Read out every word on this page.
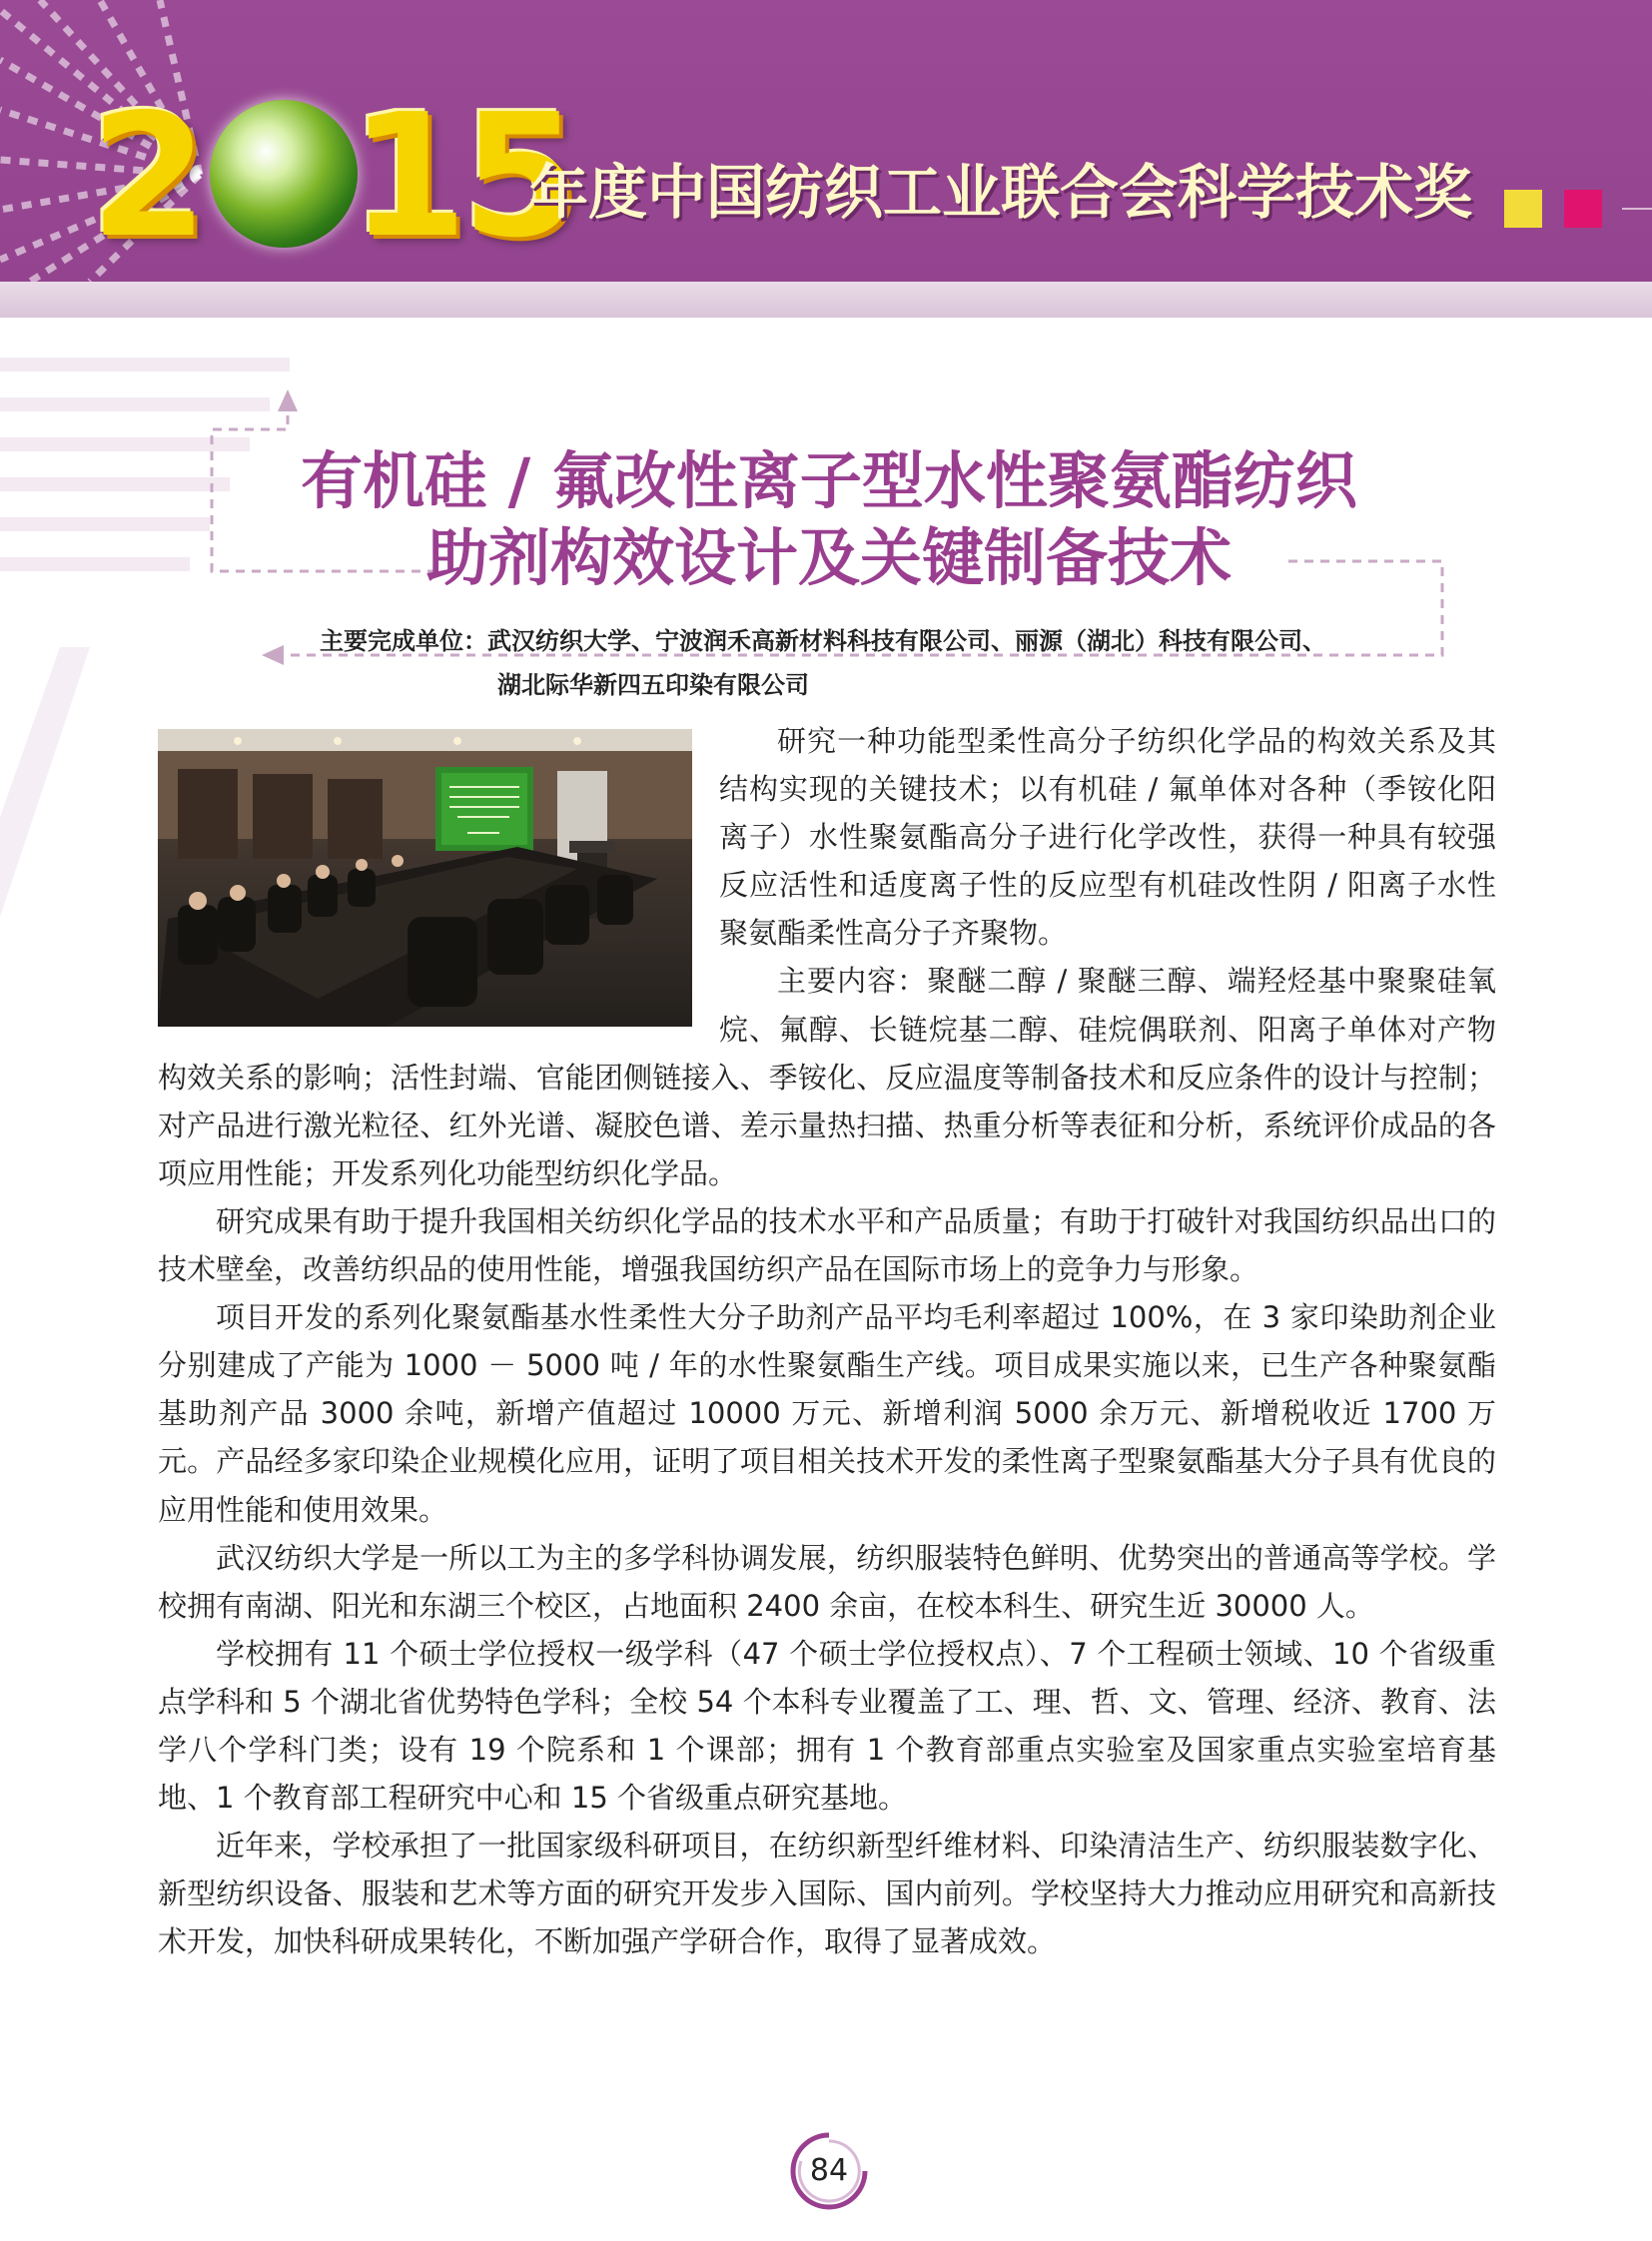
2 15
年度中国纺织工业联合会科学技术奖
有机硅 / 氟改性离子型水性聚氨酯纺织
助剂构效设计及关键制备技术
主要完成单位：武汉纺织大学、宁波润禾高新材料科技有限公司、丽源（湖北）科技有限公司、
湖北际华新四五印染有限公司

研究一种功能型柔性高分子纺织化学品的构效关系及其结构实现的关键技术；以有机硅 / 氟单体对各种（季铵化阳离子）水性聚氨酯高分子进行化学改性，获得一种具有较强反应活性和适度离子性的反应型有机硅改性阴 / 阳离子水性聚氨酯柔性高分子齐聚物。

主要内容：聚醚二醇 / 聚醚三醇、端羟烃基中聚聚硅氧烷、氟醇、长链烷基二醇、硅烷偶联剂、阳离子单体对产物构效关系的影响；活性封端、官能团侧链接入、季铵化、反应温度等制备技术和反应条件的设计与控制；对产品进行激光粒径、红外光谱、凝胶色谱、差示量热扫描、热重分析等表征和分析，系统评价成品的各项应用性能；开发系列化功能型纺织化学品。

研究成果有助于提升我国相关纺织化学品的技术水平和产品质量；有助于打破针对我国纺织品出口的技术壁垒，改善纺织品的使用性能，增强我国纺织产品在国际市场上的竞争力与形象。

项目开发的系列化聚氨酯基水性柔性大分子助剂产品平均毛利率超过 100%，在 3 家印染助剂企业分别建成了产能为 1000 － 5000 吨 / 年的水性聚氨酯生产线。项目成果实施以来，已生产各种聚氨酯基助剂产品 3000 余吨，新增产值超过 10000 万元、新增利润 5000 余万元、新增税收近 1700 万元。产品经多家印染企业规模化应用，证明了项目相关技术开发的柔性离子型聚氨酯基大分子具有优良的应用性能和使用效果。

武汉纺织大学是一所以工为主的多学科协调发展，纺织服装特色鲜明、优势突出的普通高等学校。学校拥有南湖、阳光和东湖三个校区，占地面积 2400 余亩，在校本科生、研究生近 30000 人。

学校拥有 11 个硕士学位授权一级学科（47 个硕士学位授权点）、7 个工程硕士领域、10 个省级重点学科和 5 个湖北省优势特色学科；全校 54 个本科专业覆盖了工、理、哲、文、管理、经济、教育、法学八个学科门类；设有 19 个院系和 1 个课部；拥有 1 个教育部重点实验室及国家重点实验室培育基地、1 个教育部工程研究中心和 15 个省级重点研究基地。

近年来，学校承担了一批国家级科研项目，在纺织新型纤维材料、印染清洁生产、纺织服装数字化、新型纺织设备、服装和艺术等方面的研究开发步入国际、国内前列。学校坚持大力推动应用研究和高新技术开发，加快科研成果转化，不断加强产学研合作，取得了显著成效。

84
